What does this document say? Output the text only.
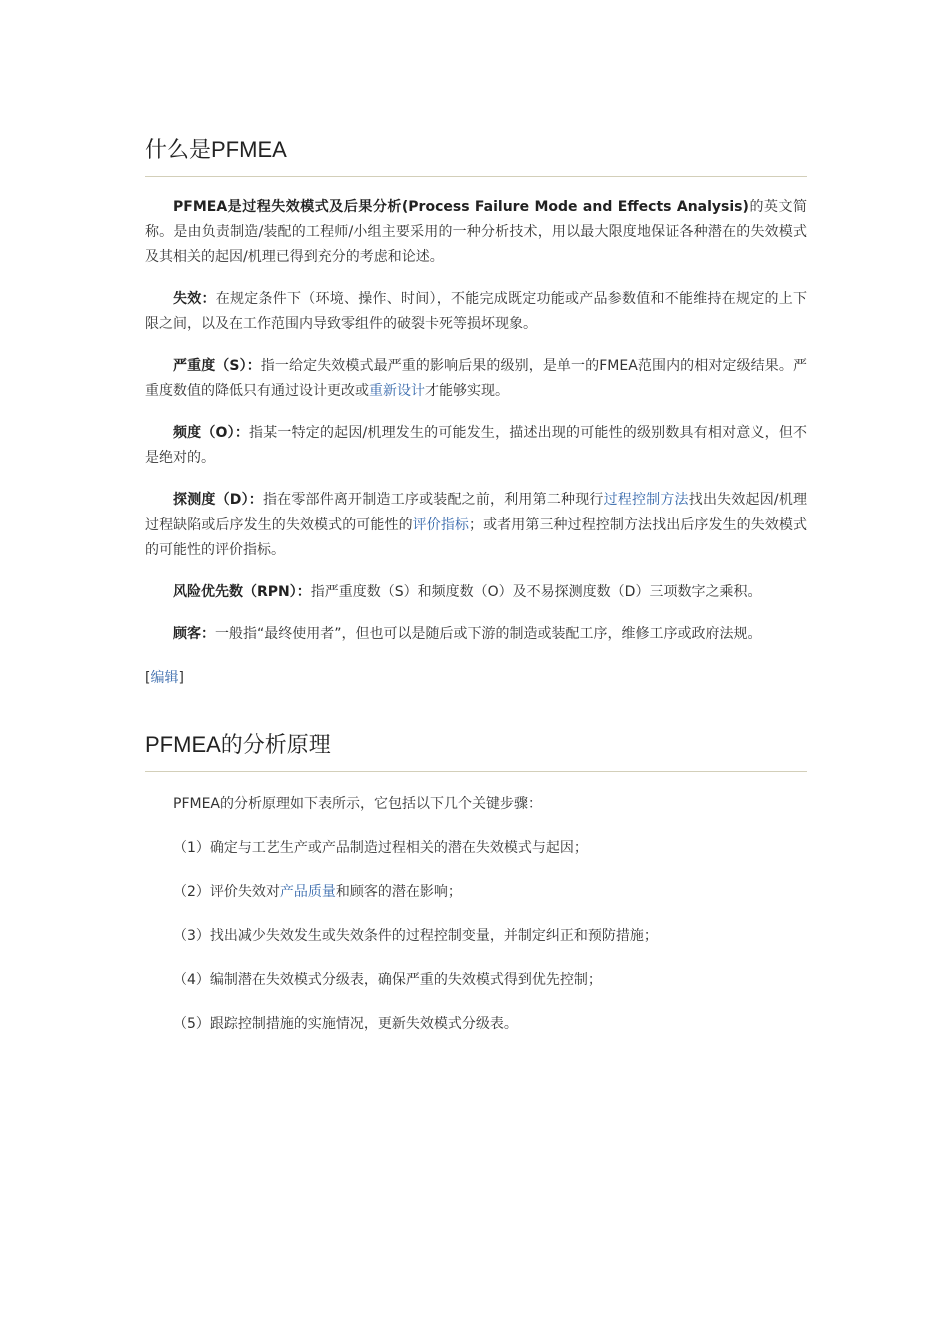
什么是PFMEA

PFMEA是过程失效模式及后果分析(Process Failure Mode and Effects Analysis)的英文简称。是由负责制造/装配的工程师/小组主要采用的一种分析技术，用以最大限度地保证各种潜在的失效模式及其相关的起因/机理已得到充分的考虑和论述。

失效：在规定条件下（环境、操作、时间），不能完成既定功能或产品参数值和不能维持在规定的上下限之间，以及在工作范围内导致零组件的破裂卡死等损坏现象。

严重度（S）：指一给定失效模式最严重的影响后果的级别，是单一的FMEA范围内的相对定级结果。严重度数值的降低只有通过设计更改或重新设计才能够实现。

频度（O）：指某一特定的起因/机理发生的可能发生，描述出现的可能性的级别数具有相对意义，但不是绝对的。

探测度（D）：指在零部件离开制造工序或装配之前，利用第二种现行过程控制方法找出失效起因/机理过程缺陷或后序发生的失效模式的可能性的评价指标；或者用第三种过程控制方法找出后序发生的失效模式的可能性的评价指标。

风险优先数（RPN）：指严重度数（S）和频度数（O）及不易探测度数（D）三项数字之乘积。

顾客：一般指“最终使用者”，但也可以是随后或下游的制造或装配工序，维修工序或政府法规。

[编辑]

PFMEA的分析原理

PFMEA的分析原理如下表所示，它包括以下几个关键步骤：

（1）确定与工艺生产或产品制造过程相关的潜在失效模式与起因；

（2）评价失效对产品质量和顾客的潜在影响；

（3）找出减少失效发生或失效条件的过程控制变量，并制定纠正和预防措施；

（4）编制潜在失效模式分级表，确保严重的失效模式得到优先控制；

（5）跟踪控制措施的实施情况，更新失效模式分级表。
